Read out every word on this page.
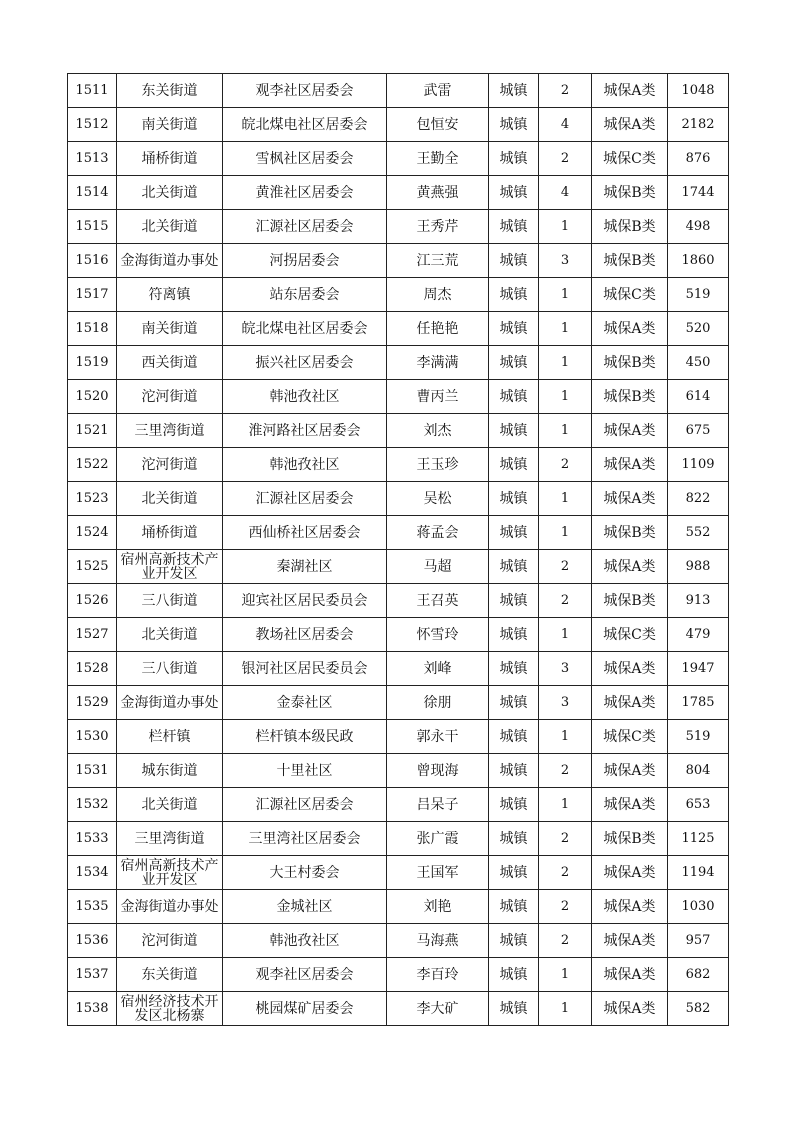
1511	东关街道	观李社区居委会	武雷	城镇	2	城保A类	1048
1512	南关街道	皖北煤电社区居委会	包恒安	城镇	4	城保A类	2182
1513	埇桥街道	雪枫社区居委会	王勤全	城镇	2	城保C类	876
1514	北关街道	黄淮社区居委会	黄燕强	城镇	4	城保B类	1744
1515	北关街道	汇源社区居委会	王秀芹	城镇	1	城保B类	498
1516	金海街道办事处	河拐居委会	江三荒	城镇	3	城保B类	1860
1517	符离镇	站东居委会	周杰	城镇	1	城保C类	519
1518	南关街道	皖北煤电社区居委会	任艳艳	城镇	1	城保A类	520
1519	西关街道	振兴社区居委会	李满满	城镇	1	城保B类	450
1520	沱河街道	韩池孜社区	曹丙兰	城镇	1	城保B类	614
1521	三里湾街道	淮河路社区居委会	刘杰	城镇	1	城保A类	675
1522	沱河街道	韩池孜社区	王玉珍	城镇	2	城保A类	1109
1523	北关街道	汇源社区居委会	吴松	城镇	1	城保A类	822
1524	埇桥街道	西仙桥社区居委会	蒋孟会	城镇	1	城保B类	552
1525	宿州高新技术产业开发区	秦湖社区	马超	城镇	2	城保A类	988
1526	三八街道	迎宾社区居民委员会	王召英	城镇	2	城保B类	913
1527	北关街道	教场社区居委会	怀雪玲	城镇	1	城保C类	479
1528	三八街道	银河社区居民委员会	刘峰	城镇	3	城保A类	1947
1529	金海街道办事处	金泰社区	徐朋	城镇	3	城保A类	1785
1530	栏杆镇	栏杆镇本级民政	郭永干	城镇	1	城保C类	519
1531	城东街道	十里社区	曾现海	城镇	2	城保A类	804
1532	北关街道	汇源社区居委会	吕呆子	城镇	1	城保A类	653
1533	三里湾街道	三里湾社区居委会	张广霞	城镇	2	城保B类	1125
1534	宿州高新技术产业开发区	大王村委会	王国军	城镇	2	城保A类	1194
1535	金海街道办事处	金城社区	刘艳	城镇	2	城保A类	1030
1536	沱河街道	韩池孜社区	马海燕	城镇	2	城保A类	957
1537	东关街道	观李社区居委会	李百玲	城镇	1	城保A类	682
1538	宿州经济技术开发区北杨寨	桃园煤矿居委会	李大矿	城镇	1	城保A类	582
